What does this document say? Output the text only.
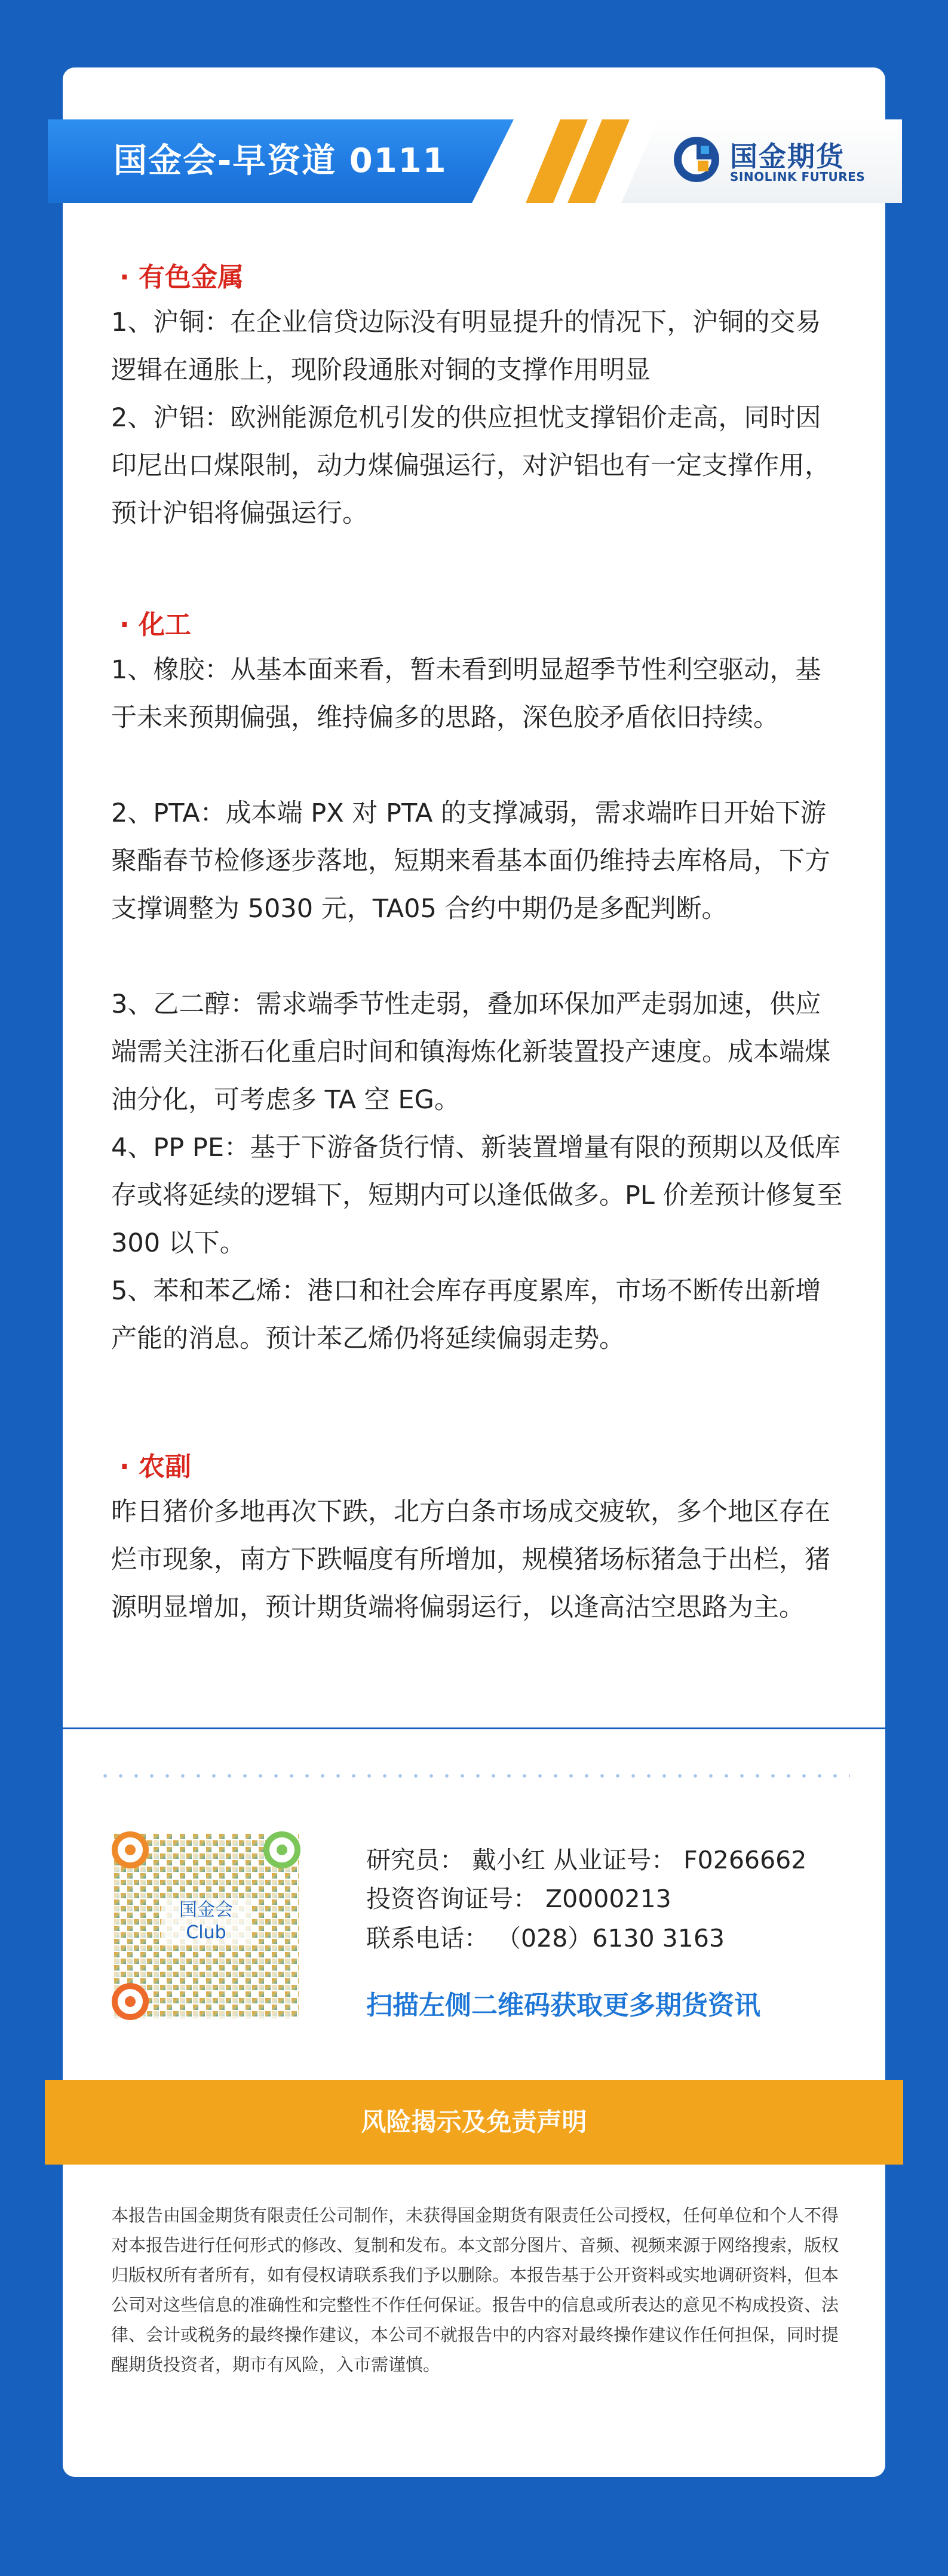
国金会-早资道 0111	国金期货
SINOLINK FUTURES
· 有色金属
1、沪铜：在企业信贷边际没有明显提升的情况下，沪铜的交易逻辑在通胀上，现阶段通胀对铜的支撑作用明显
2、沪铝：欧洲能源危机引发的供应担忧支撑铝价走高，同时因印尼出口煤限制，动力煤偏强运行，对沪铝也有一定支撑作用，预计沪铝将偏强运行。
· 化工
1、橡胶：从基本面来看，暂未看到明显超季节性利空驱动，基于未来预期偏强，维持偏多的思路，深色胶矛盾依旧持续。
2、PTA：成本端 PX 对 PTA 的支撑减弱，需求端昨日开始下游聚酯春节检修逐步落地，短期来看基本面仍维持去库格局，下方支撑调整为 5030 元，TA05 合约中期仍是多配判断。
3、乙二醇：需求端季节性走弱，叠加环保加严走弱加速，供应端需关注浙石化重启时间和镇海炼化新装置投产速度。成本端煤油分化，可考虑多 TA 空 EG。
4、PP PE：基于下游备货行情、新装置增量有限的预期以及低库存或将延续的逻辑下，短期内可以逢低做多。PL 价差预计修复至 300 以下。
5、苯和苯乙烯：港口和社会库存再度累库，市场不断传出新增产能的消息。预计苯乙烯仍将延续偏弱走势。
· 农副
昨日猪价多地再次下跌，北方白条市场成交疲软，多个地区存在烂市现象，南方下跌幅度有所增加，规模猪场标猪急于出栏，猪源明显增加，预计期货端将偏弱运行，以逢高沽空思路为主。
国金会
Club
研究员： 戴小红 从业证号： F0266662
投资咨询证号： Z0000213
联系电话： （028）6130 3163
扫描左侧二维码获取更多期货资讯
风险揭示及免责声明
本报告由国金期货有限责任公司制作，未获得国金期货有限责任公司授权，任何单位和个人不得对本报告进行任何形式的修改、复制和发布。本文部分图片、音频、视频来源于网络搜索，版权归版权所有者所有，如有侵权请联系我们予以删除。本报告基于公开资料或实地调研资料，但本公司对这些信息的准确性和完整性不作任何保证。报告中的信息或所表达的意见不构成投资、法律、会计或税务的最终操作建议，本公司不就报告中的内容对最终操作建议作任何担保，同时提醒期货投资者，期市有风险，入市需谨慎。
